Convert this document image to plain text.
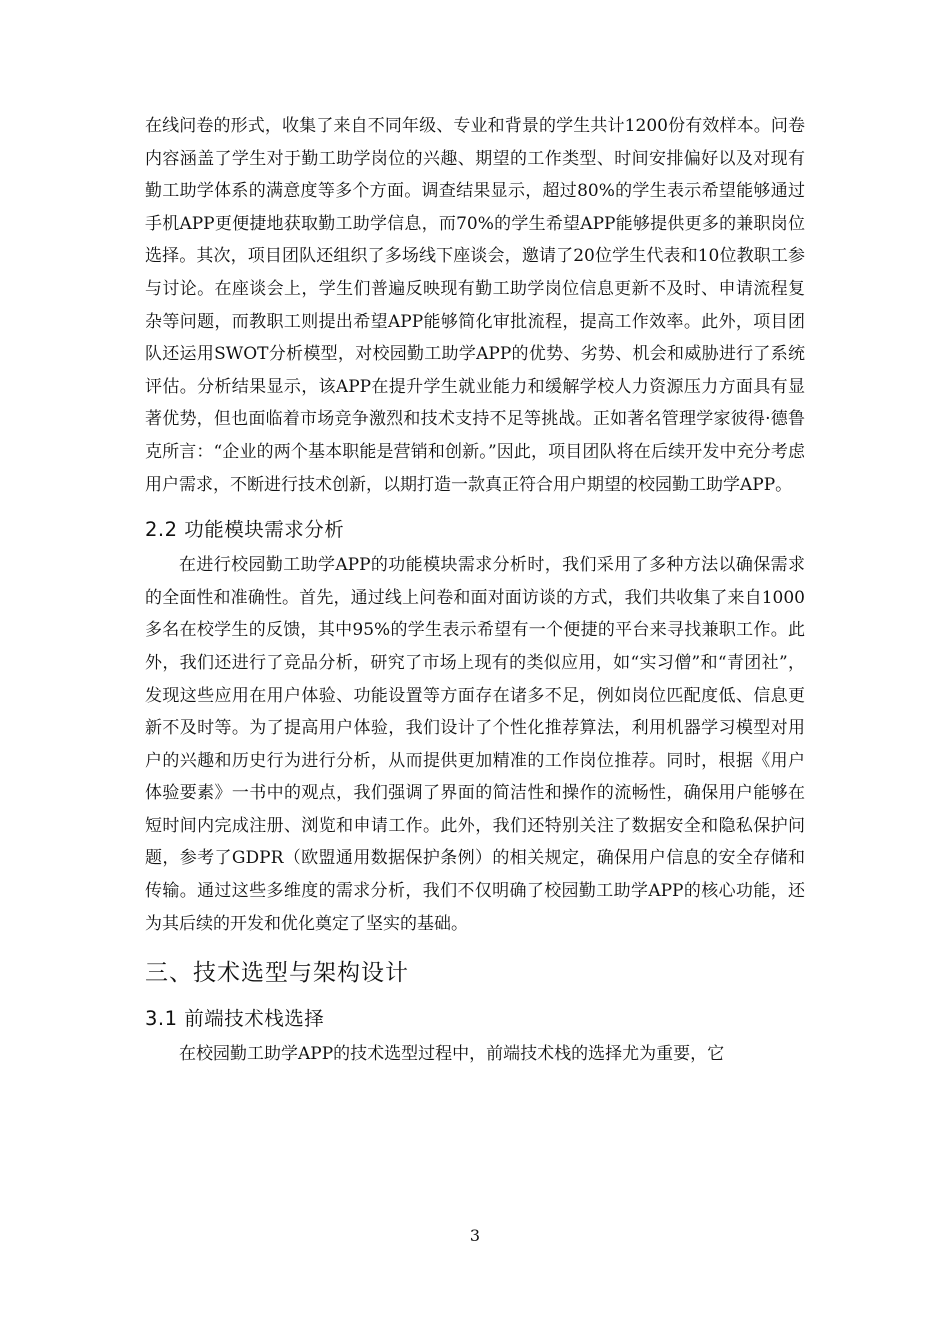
在线问卷的形式，收集了来自不同年级、专业和背景的学生共计1200份有效样本。问卷内容涵盖了学生对于勤工助学岗位的兴趣、期望的工作类型、时间安排偏好以及对现有勤工助学体系的满意度等多个方面。调查结果显示，超过80%的学生表示希望能够通过手机APP更便捷地获取勤工助学信息，而70%的学生希望APP能够提供更多的兼职岗位选择。其次，项目团队还组织了多场线下座谈会，邀请了20位学生代表和10位教职工参与讨论。在座谈会上，学生们普遍反映现有勤工助学岗位信息更新不及时、申请流程复杂等问题，而教职工则提出希望APP能够简化审批流程，提高工作效率。此外，项目团队还运用SWOT分析模型，对校园勤工助学APP的优势、劣势、机会和威胁进行了系统评估。分析结果显示，该APP在提升学生就业能力和缓解学校人力资源压力方面具有显著优势，但也面临着市场竞争激烈和技术支持不足等挑战。正如著名管理学家彼得·德鲁克所言：“企业的两个基本职能是营销和创新。”因此，项目团队将在后续开发中充分考虑用户需求，不断进行技术创新，以期打造一款真正符合用户期望的校园勤工助学APP。

2.2 功能模块需求分析

在进行校园勤工助学APP的功能模块需求分析时，我们采用了多种方法以确保需求的全面性和准确性。首先，通过线上问卷和面对面访谈的方式，我们共收集了来自1000多名在校学生的反馈，其中95%的学生表示希望有一个便捷的平台来寻找兼职工作。此外，我们还进行了竞品分析，研究了市场上现有的类似应用，如“实习僧”和“青团社”，发现这些应用在用户体验、功能设置等方面存在诸多不足，例如岗位匹配度低、信息更新不及时等。为了提高用户体验，我们设计了个性化推荐算法，利用机器学习模型对用户的兴趣和历史行为进行分析，从而提供更加精准的工作岗位推荐。同时，根据《用户体验要素》一书中的观点，我们强调了界面的简洁性和操作的流畅性，确保用户能够在短时间内完成注册、浏览和申请工作。此外，我们还特别关注了数据安全和隐私保护问题，参考了GDPR（欧盟通用数据保护条例）的相关规定，确保用户信息的安全存储和传输。通过这些多维度的需求分析，我们不仅明确了校园勤工助学APP的核心功能，还为其后续的开发和优化奠定了坚实的基础。

三、技术选型与架构设计
3.1 前端技术栈选择

在校园勤工助学APP的技术选型过程中，前端技术栈的选择尤为重要，它

3
